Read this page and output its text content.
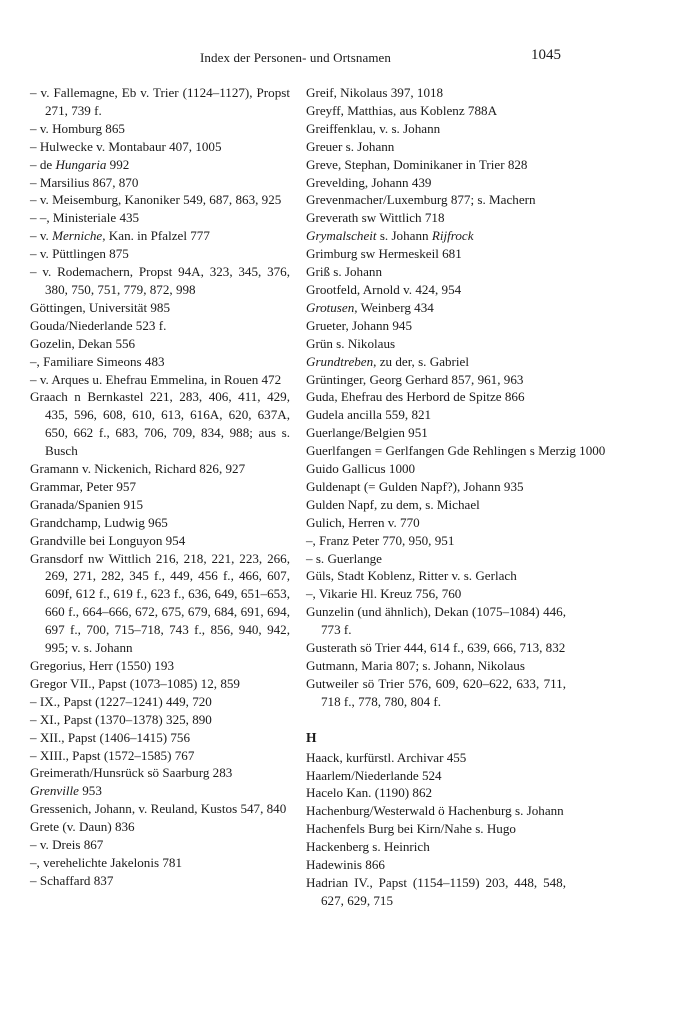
Index der Personen- und Ortsnamen	1045
– v. Fallemagne, Eb v. Trier (1124–1127), Propst 271, 739 f.
– v. Homburg 865
– Hulwecke v. Montabaur 407, 1005
– de Hungaria 992
– Marsilius 867, 870
– v. Meisemburg, Kanoniker 549, 687, 863, 925
– –, Ministeriale 435
– v. Merniche, Kan. in Pfalzel 777
– v. Püttlingen 875
– v. Rodemachern, Propst 94A, 323, 345, 376, 380, 750, 751, 779, 872, 998
Göttingen, Universität 985
Gouda/Niederlande 523 f.
Gozelin, Dekan 556
–, Familiare Simeons 483
– v. Arques u. Ehefrau Emmelina, in Rouen 472
Graach n Bernkastel 221, 283, 406, 411, 429, 435, 596, 608, 610, 613, 616A, 620, 637A, 650, 662 f., 683, 706, 709, 834, 988; aus s. Busch
Gramann v. Nickenich, Richard 826, 927
Grammar, Peter 957
Granada/Spanien 915
Grandchamp, Ludwig 965
Grandville bei Longuyon 954
Gransdorf nw Wittlich 216, 218, 221, 223, 266, 269, 271, 282, 345 f., 449, 456 f., 466, 607, 609f, 612 f., 619 f., 623 f., 636, 649, 651–653, 660 f., 664–666, 672, 675, 679, 684, 691, 694, 697 f., 700, 715–718, 743 f., 856, 940, 942, 995; v. s. Johann
Gregorius, Herr (1550) 193
Gregor VII., Papst (1073–1085) 12, 859
– IX., Papst (1227–1241) 449, 720
– XI., Papst (1370–1378) 325, 890
– XII., Papst (1406–1415) 756
– XIII., Papst (1572–1585) 767
Greimerath/Hunsrück sö Saarburg 283
Grenville 953
Gressenich, Johann, v. Reuland, Kustos 547, 840
Grete (v. Daun) 836
– v. Dreis 867
–, verehelichte Jakelonis 781
– Schaffard 837
Greif, Nikolaus 397, 1018
Greyff, Matthias, aus Koblenz 788A
Greiffenklau, v. s. Johann
Greuer s. Johann
Greve, Stephan, Dominikaner in Trier 828
Grevelding, Johann 439
Grevenmacher/Luxemburg 877; s. Machern
Greverath sw Wittlich 718
Grymalscheit s. Johann Rijfrock
Grimburg sw Hermeskeil 681
Griß s. Johann
Grootfeld, Arnold v. 424, 954
Grotusen, Weinberg 434
Grueter, Johann 945
Grün s. Nikolaus
Grundtreben, zu der, s. Gabriel
Grüntinger, Georg Gerhard 857, 961, 963
Guda, Ehefrau des Herbord de Spitze 866
Gudela ancilla 559, 821
Guerlange/Belgien 951
Guerlfangen = Gerlfangen Gde Rehlingen s Merzig 1000
Guido Gallicus 1000
Guldenapt (= Gulden Napf?), Johann 935
Gulden Napf, zu dem, s. Michael
Gulich, Herren v. 770
–, Franz Peter 770, 950, 951
– s. Guerlange
Güls, Stadt Koblenz, Ritter v. s. Gerlach
–, Vikarie Hl. Kreuz 756, 760
Gunzelin (und ähnlich), Dekan (1075–1084) 446, 773 f.
Gusterath sö Trier 444, 614 f., 639, 666, 713, 832
Gutmann, Maria 807; s. Johann, Nikolaus
Gutweiler sö Trier 576, 609, 620–622, 633, 711, 718 f., 778, 780, 804 f.
H
Haack, kurfürstl. Archivar 455
Haarlem/Niederlande 524
Hacelo Kan. (1190) 862
Hachenburg/Westerwald ö Hachenburg s. Johann
Hachenfels Burg bei Kirn/Nahe s. Hugo
Hackenberg s. Heinrich
Hadewinis 866
Hadrian IV., Papst (1154–1159) 203, 448, 548, 627, 629, 715
